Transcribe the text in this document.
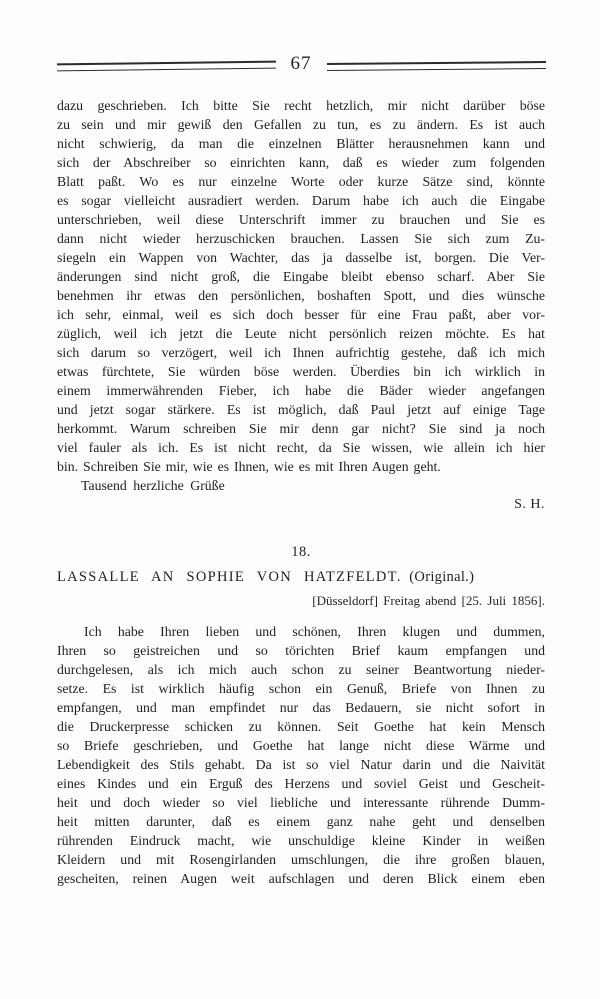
67
dazu geschrieben. Ich bitte Sie recht hetzlich, mir nicht darüber böse
zu sein und mir gewiß den Gefallen zu tun, es zu ändern. Es ist auch
nicht schwierig, da man die einzelnen Blätter herausnehmen kann und
sich der Abschreiber so einrichten kann, daß es wieder zum folgenden
Blatt paßt. Wo es nur einzelne Worte oder kurze Sätze sind, könnte
es sogar vielleicht ausradiert werden. Darum habe ich auch die Eingabe
unterschrieben, weil diese Unterschrift immer zu brauchen und Sie es
dann nicht wieder herzuschicken brauchen. Lassen Sie sich zum Zu-
siegeln ein Wappen von Wachter, das ja dasselbe ist, borgen. Die Ver-
änderungen sind nicht groß, die Eingabe bleibt ebenso scharf. Aber Sie
benehmen ihr etwas den persönlichen, boshaften Spott, und dies wünsche
ich sehr, einmal, weil es sich doch besser für eine Frau paßt, aber vor-
züglich, weil ich jetzt die Leute nicht persönlich reizen möchte. Es hat
sich darum so verzögert, weil ich Ihnen aufrichtig gestehe, daß ich mich
etwas fürchtete, Sie würden böse werden. Überdies bin ich wirklich in
einem immerwährenden Fieber, ich habe die Bäder wieder angefangen
und jetzt sogar stärkere. Es ist möglich, daß Paul jetzt auf einige Tage
herkommt. Warum schreiben Sie mir denn gar nicht? Sie sind ja noch
viel fauler als ich. Es ist nicht recht, da Sie wissen, wie allein ich hier
bin. Schreiben Sie mir, wie es Ihnen, wie es mit Ihren Augen geht.
Tausend herzliche Grüße
S. H.
18.
LASSALLE AN SOPHIE VON HATZFELDT. (Original.)
[Düsseldorf] Freitag abend [25. Juli 1856].
Ich habe Ihren lieben und schönen, Ihren klugen und dummen,
Ihren so geistreichen und so törichten Brief kaum empfangen und
durchgelesen, als ich mich auch schon zu seiner Beantwortung nieder-
setze. Es ist wirklich häufig schon ein Genuß, Briefe von Ihnen zu
empfangen, und man empfindet nur das Bedauern, sie nicht sofort in
die Druckerpresse schicken zu können. Seit Goethe hat kein Mensch
so Briefe geschrieben, und Goethe hat lange nicht diese Wärme und
Lebendigkeit des Stils gehabt. Da ist so viel Natur darin und die Naivität
eines Kindes und ein Erguß des Herzens und soviel Geist und Gescheit-
heit und doch wieder so viel liebliche und interessante rührende Dumm-
heit mitten darunter, daß es einem ganz nahe geht und denselben
rührenden Eindruck macht, wie unschuldige kleine Kinder in weißen
Kleidern und mit Rosengirlanden umschlungen, die ihre großen blauen,
gescheiten, reinen Augen weit aufschlagen und deren Blick einem eben
